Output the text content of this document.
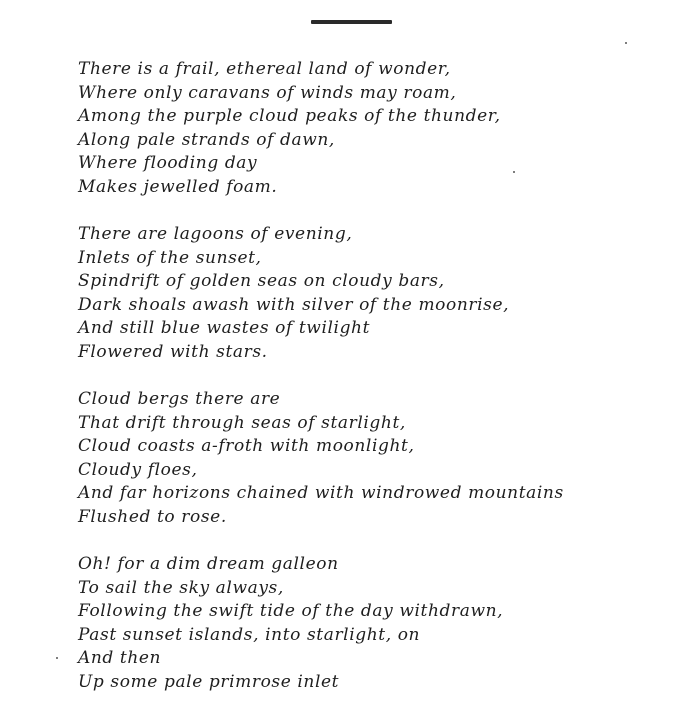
There is a frail, ethereal land of wonder,
Where only caravans of winds may roam,
Among the purple cloud peaks of the thunder,
Along pale strands of dawn,
Where flooding day
Makes jewelled foam.
There are lagoons of evening,
Inlets of the sunset,
Spindrift of golden seas on cloudy bars,
Dark shoals awash with silver of the moonrise,
And still blue wastes of twilight
Flowered with stars.
Cloud bergs there are
That drift through seas of starlight,
Cloud coasts a-froth with moonlight,
Cloudy floes,
And far horizons chained with windrowed mountains
Flushed to rose.
Oh! for a dim dream galleon
To sail the sky always,
Following the swift tide of the day withdrawn,
Past sunset islands, into starlight, on
And then
Up some pale primrose inlet
